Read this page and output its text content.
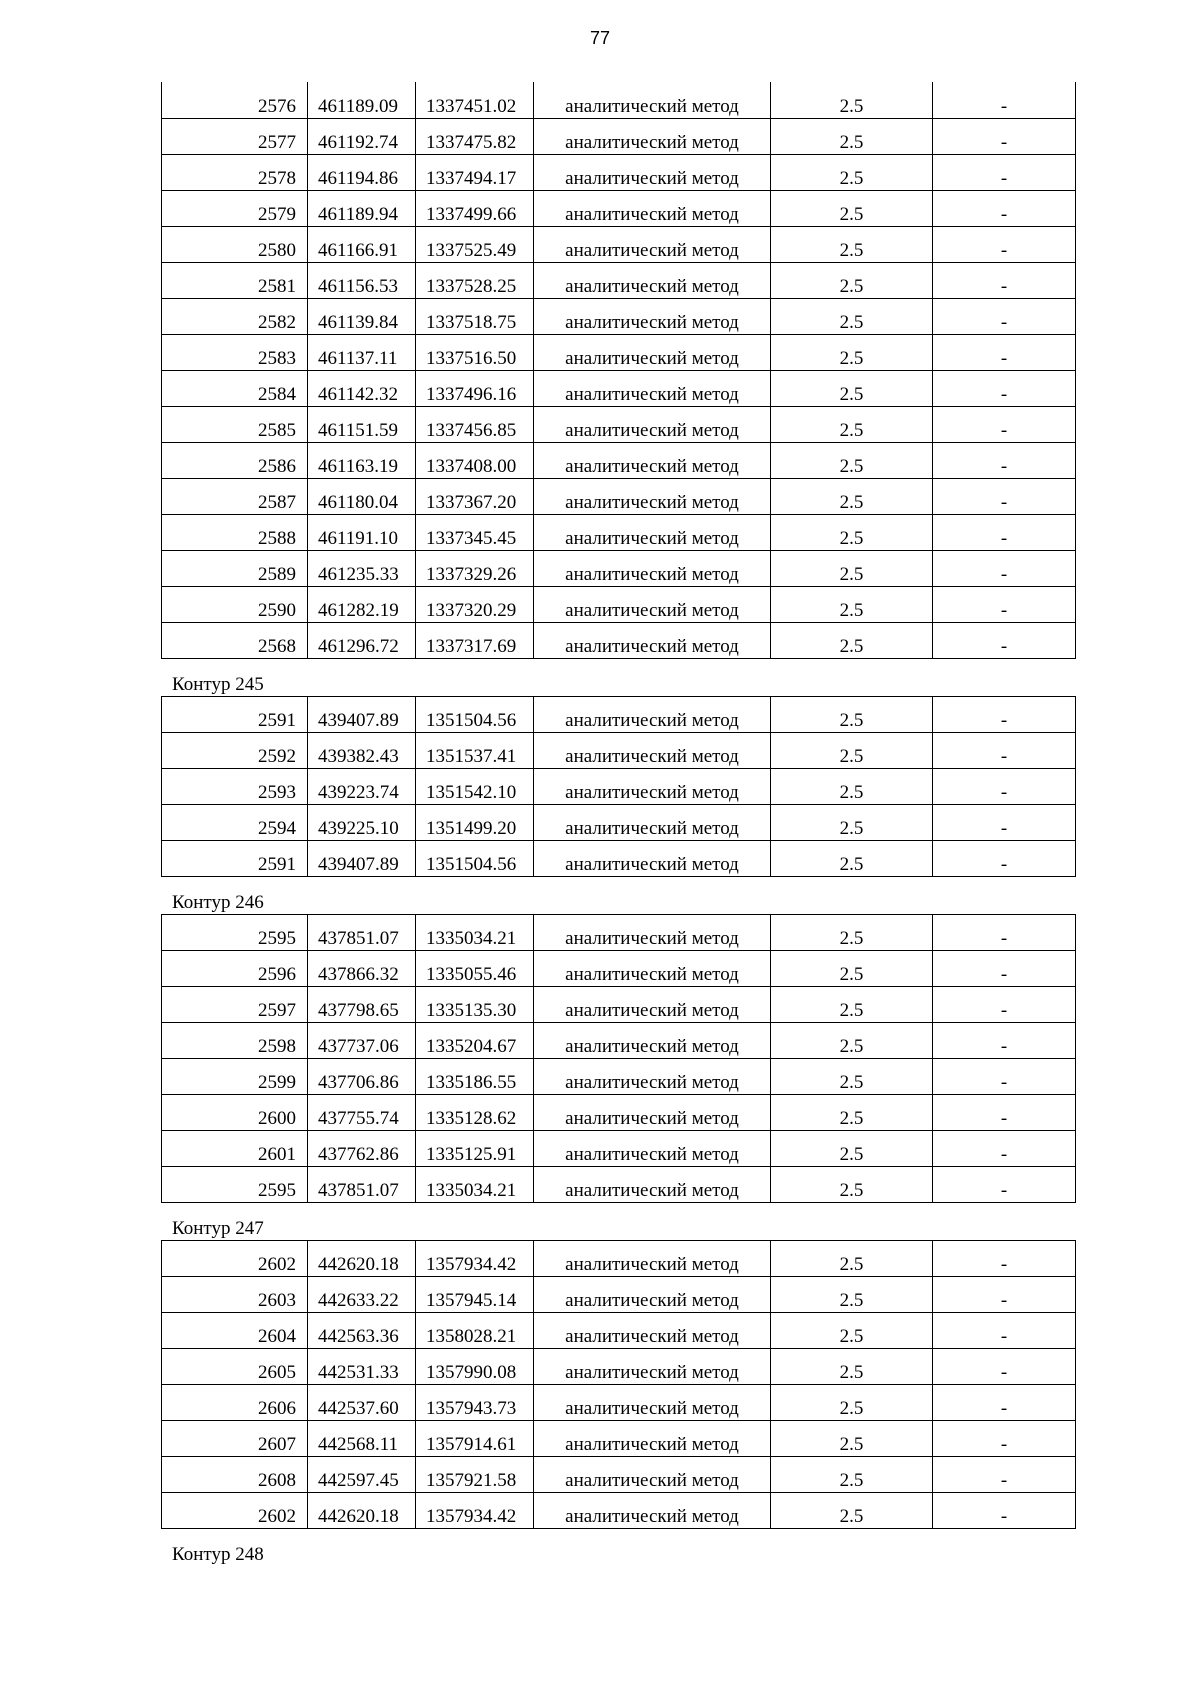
77
2576	461189.09	1337451.02	аналитический метод	2.5	-
2577	461192.74	1337475.82	аналитический метод	2.5	-
2578	461194.86	1337494.17	аналитический метод	2.5	-
2579	461189.94	1337499.66	аналитический метод	2.5	-
2580	461166.91	1337525.49	аналитический метод	2.5	-
2581	461156.53	1337528.25	аналитический метод	2.5	-
2582	461139.84	1337518.75	аналитический метод	2.5	-
2583	461137.11	1337516.50	аналитический метод	2.5	-
2584	461142.32	1337496.16	аналитический метод	2.5	-
2585	461151.59	1337456.85	аналитический метод	2.5	-
2586	461163.19	1337408.00	аналитический метод	2.5	-
2587	461180.04	1337367.20	аналитический метод	2.5	-
2588	461191.10	1337345.45	аналитический метод	2.5	-
2589	461235.33	1337329.26	аналитический метод	2.5	-
2590	461282.19	1337320.29	аналитический метод	2.5	-
2568	461296.72	1337317.69	аналитический метод	2.5	-
Контур 245
2591	439407.89	1351504.56	аналитический метод	2.5	-
2592	439382.43	1351537.41	аналитический метод	2.5	-
2593	439223.74	1351542.10	аналитический метод	2.5	-
2594	439225.10	1351499.20	аналитический метод	2.5	-
2591	439407.89	1351504.56	аналитический метод	2.5	-
Контур 246
2595	437851.07	1335034.21	аналитический метод	2.5	-
2596	437866.32	1335055.46	аналитический метод	2.5	-
2597	437798.65	1335135.30	аналитический метод	2.5	-
2598	437737.06	1335204.67	аналитический метод	2.5	-
2599	437706.86	1335186.55	аналитический метод	2.5	-
2600	437755.74	1335128.62	аналитический метод	2.5	-
2601	437762.86	1335125.91	аналитический метод	2.5	-
2595	437851.07	1335034.21	аналитический метод	2.5	-
Контур 247
2602	442620.18	1357934.42	аналитический метод	2.5	-
2603	442633.22	1357945.14	аналитический метод	2.5	-
2604	442563.36	1358028.21	аналитический метод	2.5	-
2605	442531.33	1357990.08	аналитический метод	2.5	-
2606	442537.60	1357943.73	аналитический метод	2.5	-
2607	442568.11	1357914.61	аналитический метод	2.5	-
2608	442597.45	1357921.58	аналитический метод	2.5	-
2602	442620.18	1357934.42	аналитический метод	2.5	-
Контур 248
